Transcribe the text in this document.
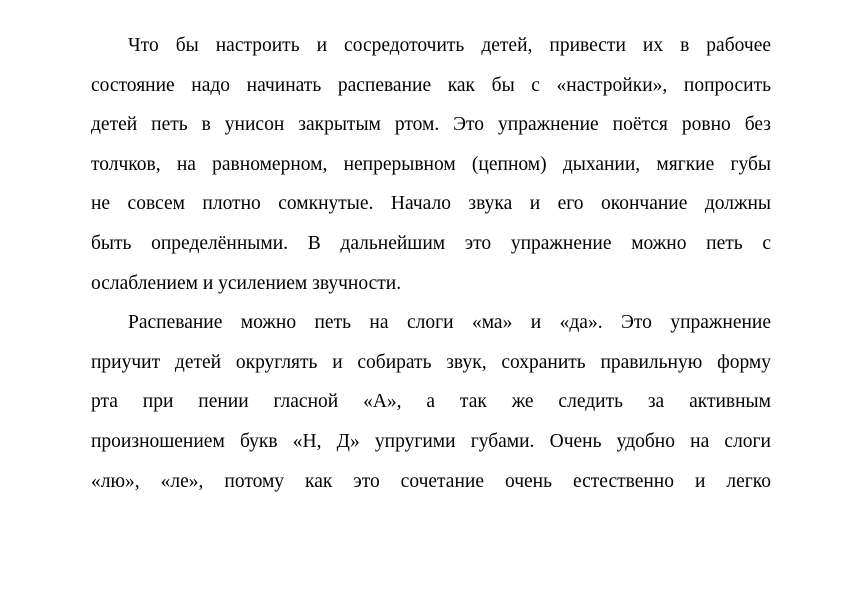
Что бы настроить и сосредоточить детей, привести их в рабочее
состояние надо начинать распевание как бы с «настройки», попросить
детей петь в унисон закрытым ртом. Это упражнение поётся ровно без
толчков, на равномерном, непрерывном (цепном) дыхании, мягкие губы
не совсем плотно сомкнутые. Начало звука и его окончание должны
быть определёнными. В дальнейшим это упражнение можно петь с
ослаблением и усилением звучности.
Распевание можно петь на слоги «ма» и «да». Это упражнение
приучит детей округлять и собирать звук, сохранить правильную форму
рта при пении гласной «А», а так же следить за активным
произношением букв «Н, Д» упругими губами. Очень удобно на слоги
«лю», «ле», потому как это сочетание очень естественно и легко
